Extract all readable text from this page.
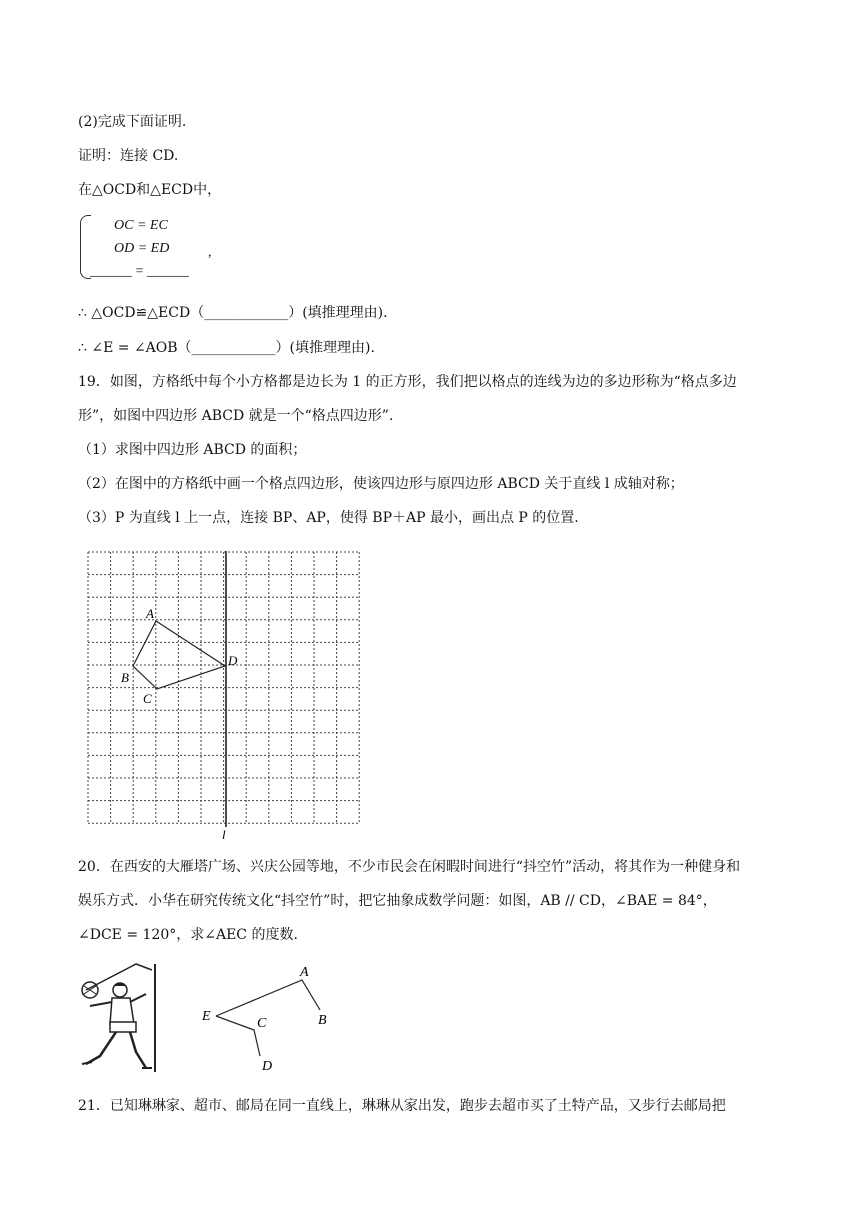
(2)完成下面证明.
证明：连接 CD.
在△OCD和△ECD中，
OC = EC
OD = ED
______ = ______
,
∴ △OCD≌△ECD（____________）(填推理理由).
∴ ∠E = ∠AOB（____________）(填推理理由).
19．如图，方格纸中每个小方格都是边长为 1 的正方形，我们把以格点的连线为边的多边形称为“格点多边
形”，如图中四边形 ABCD 就是一个“格点四边形”.
（1）求图中四边形 ABCD 的面积；
（2）在图中的方格纸中画一个格点四边形，使该四边形与原四边形 ABCD 关于直线 l 成轴对称；
（3）P 为直线 l 上一点，连接 BP、AP，使得 BP＋AP 最小，画出点 P 的位置.
A
B
C
D
l
20．在西安的大雁塔广场、兴庆公园等地，不少市民会在闲暇时间进行“抖空竹”活动，将其作为一种健身和
娱乐方式．小华在研究传统文化“抖空竹”时，把它抽象成数学问题：如图，AB // CD，∠BAE = 84°，
∠DCE = 120°，求∠AEC 的度数.
A
B
C
D
E
21．已知琳琳家、超市、邮局在同一直线上，琳琳从家出发，跑步去超市买了土特产品，又步行去邮局把
